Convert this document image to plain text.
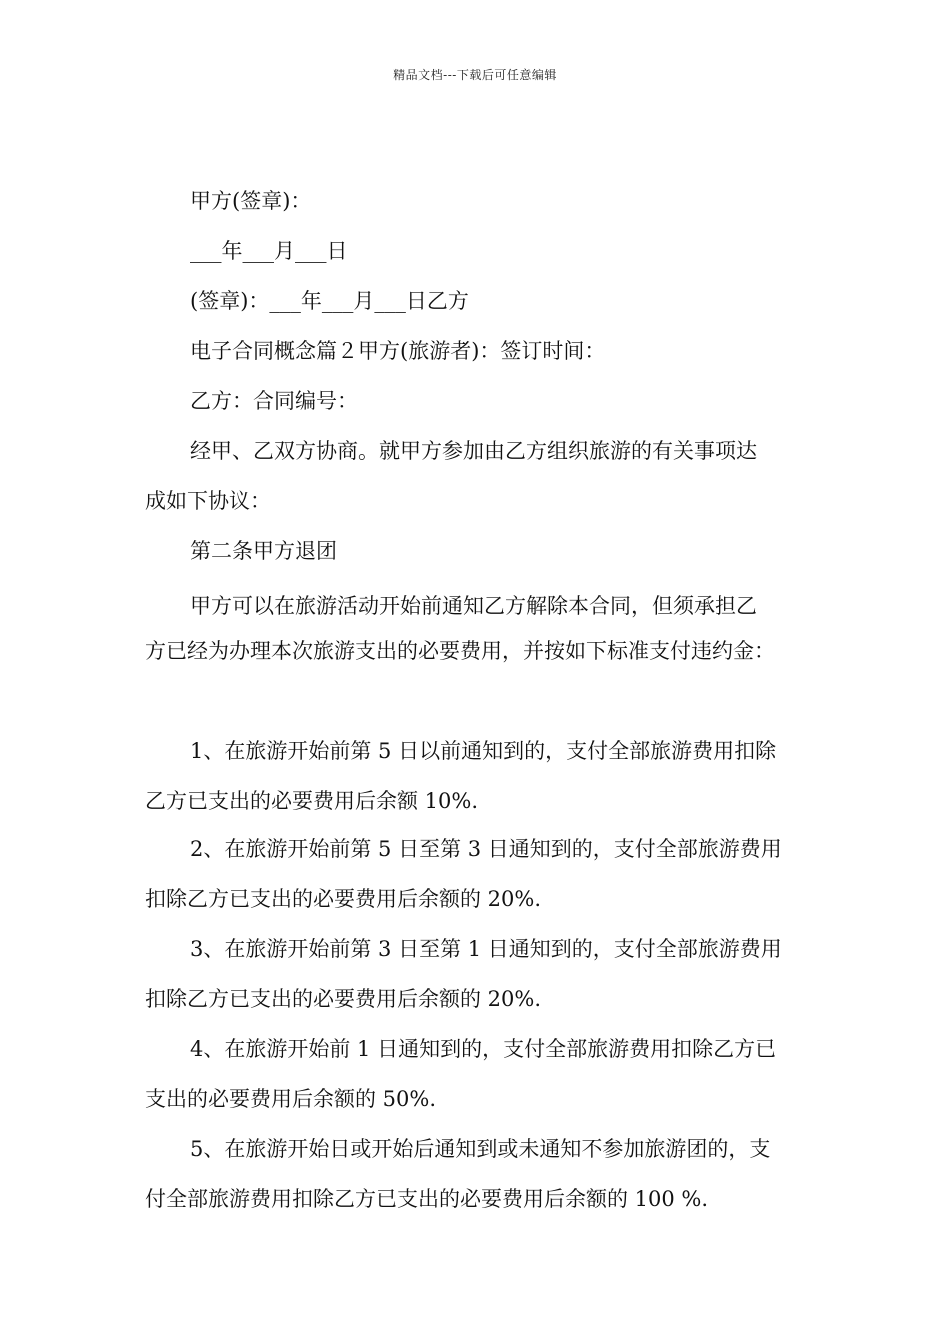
精品文档---下载后可任意编辑
甲方(签章)：
___年___月___日
(签章)：___年___月___日乙方
电子合同概念篇２甲方(旅游者)：签订时间：
乙方：合同编号：
经甲、乙双方协商。就甲方参加由乙方组织旅游的有关事项达
成如下协议：
第二条甲方退团
甲方可以在旅游活动开始前通知乙方解除本合同，但须承担乙
方已经为办理本次旅游支出的必要费用，并按如下标准支付违约金：
1、在旅游开始前第 5 日以前通知到的，支付全部旅游费用扣除
乙方已支出的必要费用后余额 10%.
2、在旅游开始前第 5 日至第 3 日通知到的，支付全部旅游费用
扣除乙方已支出的必要费用后余额的 20%.
3、在旅游开始前第 3 日至第 1 日通知到的，支付全部旅游费用
扣除乙方已支出的必要费用后余额的 20%.
4、在旅游开始前 1 日通知到的，支付全部旅游费用扣除乙方已
支出的必要费用后余额的 50%.
5、在旅游开始日或开始后通知到或未通知不参加旅游团的，支
付全部旅游费用扣除乙方已支出的必要费用后余额的 100 %.
